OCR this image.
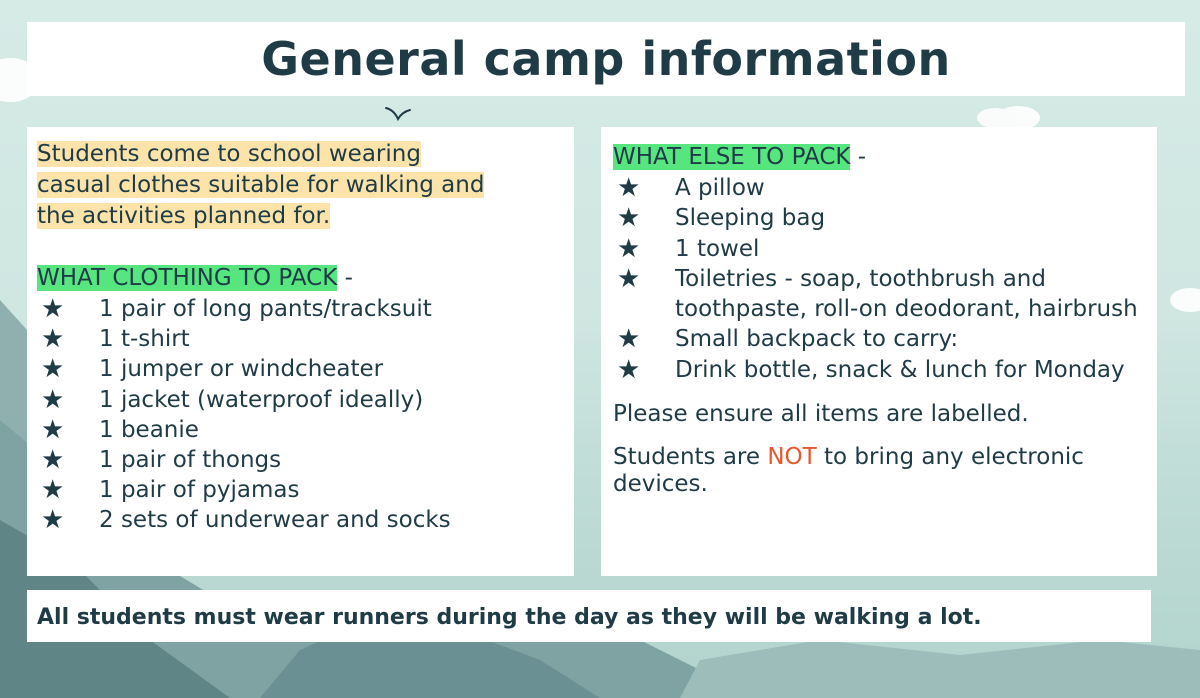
General camp information
Students come to school wearing
casual clothes suitable for walking and
the activities planned for.
WHAT CLOTHING TO PACK -
★ 1 pair of long pants/tracksuit
★ 1 t-shirt
★ 1 jumper or windcheater
★ 1 jacket (waterproof ideally)
★ 1 beanie
★ 1 pair of thongs
★ 1 pair of pyjamas
★ 2 sets of underwear and socks
WHAT ELSE TO PACK -
★ A pillow
★ Sleeping bag
★ 1 towel
★ Toiletries - soap, toothbrush and toothpaste, roll-on deodorant, hairbrush
★ Small backpack to carry:
★ Drink bottle, snack & lunch for Monday
Please ensure all items are labelled.
Students are NOT to bring any electronic devices.

All students must wear runners during the day as they will be walking a lot.
